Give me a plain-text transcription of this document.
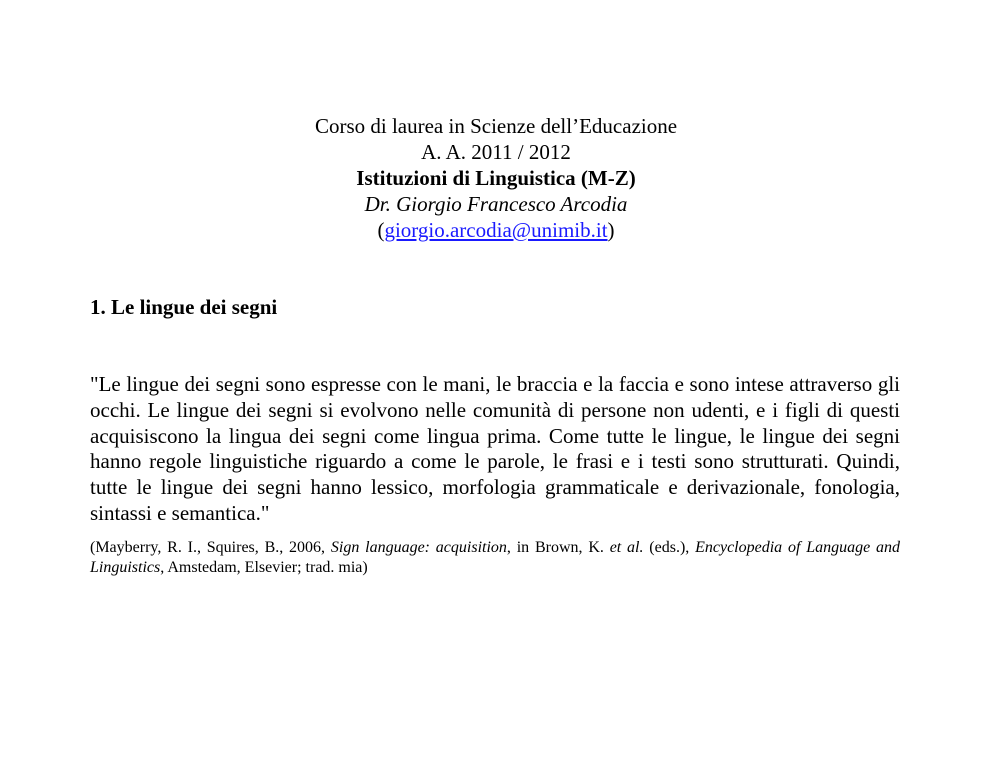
Corso di laurea in Scienze dell’Educazione
A. A. 2011 / 2012
Istituzioni di Linguistica (M-Z)
Dr. Giorgio Francesco Arcodia
(giorgio.arcodia@unimib.it)
1. Le lingue dei segni

"Le lingue dei segni sono espresse con le mani, le braccia e la faccia e sono intese attraverso gli occhi. Le lingue dei segni si evolvono nelle comunità di persone non udenti, e i figli di questi acquisiscono la lingua dei segni come lingua prima. Come tutte le lingue, le lingue dei segni hanno regole linguistiche riguardo a come le parole, le frasi e i testi sono strutturati. Quindi, tutte le lingue dei segni hanno lessico, morfologia grammaticale e derivazionale, fonologia, sintassi e semantica."

(Mayberry, R. I., Squires, B., 2006, Sign language: acquisition, in Brown, K. et al. (eds.), Encyclopedia of Language and Linguistics, Amstedam, Elsevier; trad. mia)
